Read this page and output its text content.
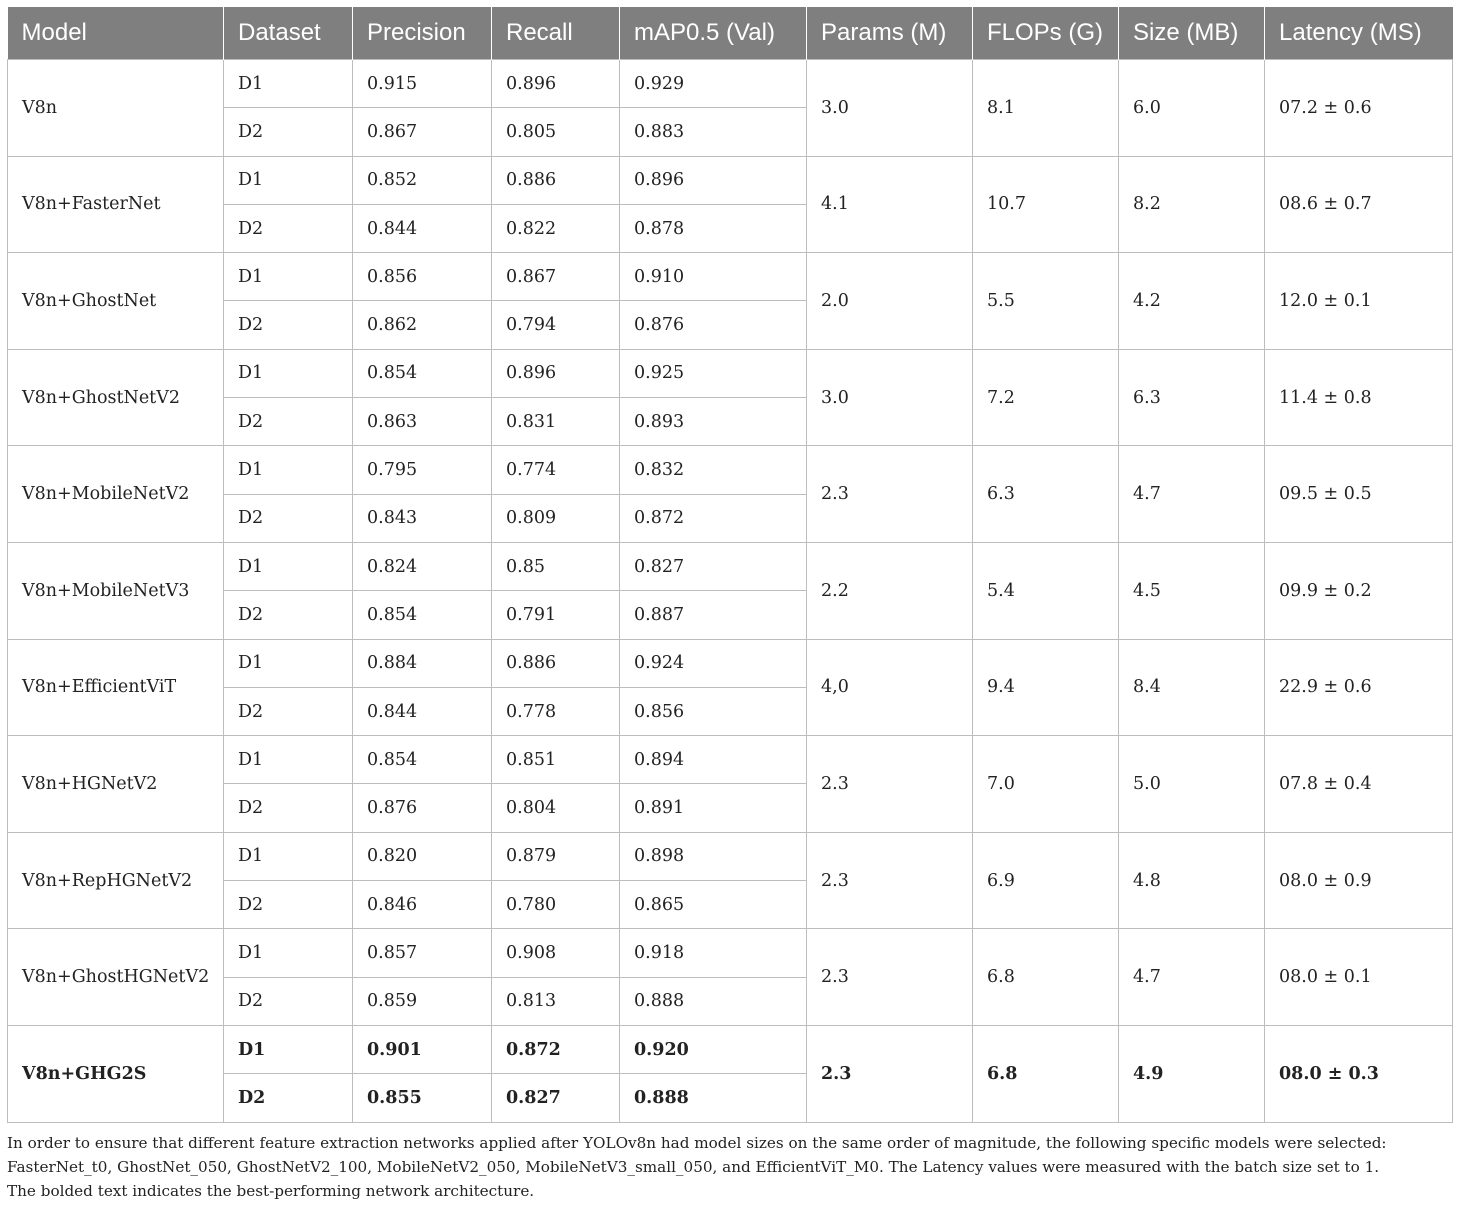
Model	Dataset	Precision	Recall	mAP0.5 (Val)	Params (M)	FLOPs (G)	Size (MB)	Latency (MS)
V8n	D1	0.915	0.896	0.929	3.0	8.1	6.0	07.2 ± 0.6
	D2	0.867	0.805	0.883				
V8n+FasterNet	D1	0.852	0.886	0.896	4.1	10.7	8.2	08.6 ± 0.7
	D2	0.844	0.822	0.878				
V8n+GhostNet	D1	0.856	0.867	0.910	2.0	5.5	4.2	12.0 ± 0.1
	D2	0.862	0.794	0.876				
V8n+GhostNetV2	D1	0.854	0.896	0.925	3.0	7.2	6.3	11.4 ± 0.8
	D2	0.863	0.831	0.893				
V8n+MobileNetV2	D1	0.795	0.774	0.832	2.3	6.3	4.7	09.5 ± 0.5
	D2	0.843	0.809	0.872				
V8n+MobileNetV3	D1	0.824	0.85	0.827	2.2	5.4	4.5	09.9 ± 0.2
	D2	0.854	0.791	0.887				
V8n+EfficientViT	D1	0.884	0.886	0.924	4,0	9.4	8.4	22.9 ± 0.6
	D2	0.844	0.778	0.856				
V8n+HGNetV2	D1	0.854	0.851	0.894	2.3	7.0	5.0	07.8 ± 0.4
	D2	0.876	0.804	0.891				
V8n+RepHGNetV2	D1	0.820	0.879	0.898	2.3	6.9	4.8	08.0 ± 0.9
	D2	0.846	0.780	0.865				
V8n+GhostHGNetV2	D1	0.857	0.908	0.918	2.3	6.8	4.7	08.0 ± 0.1
	D2	0.859	0.813	0.888				
V8n+GHG2S	D1	0.901	0.872	0.920	2.3	6.8	4.9	08.0 ± 0.3
	D2	0.855	0.827	0.888				

In order to ensure that different feature extraction networks applied after YOLOv8n had model sizes on the same order of magnitude, the following specific models were selected: FasterNet_t0, GhostNet_050, GhostNetV2_100, MobileNetV2_050, MobileNetV3_small_050, and EfficientViT_M0. The Latency values were measured with the batch size set to 1.

The bolded text indicates the best-performing network architecture.
